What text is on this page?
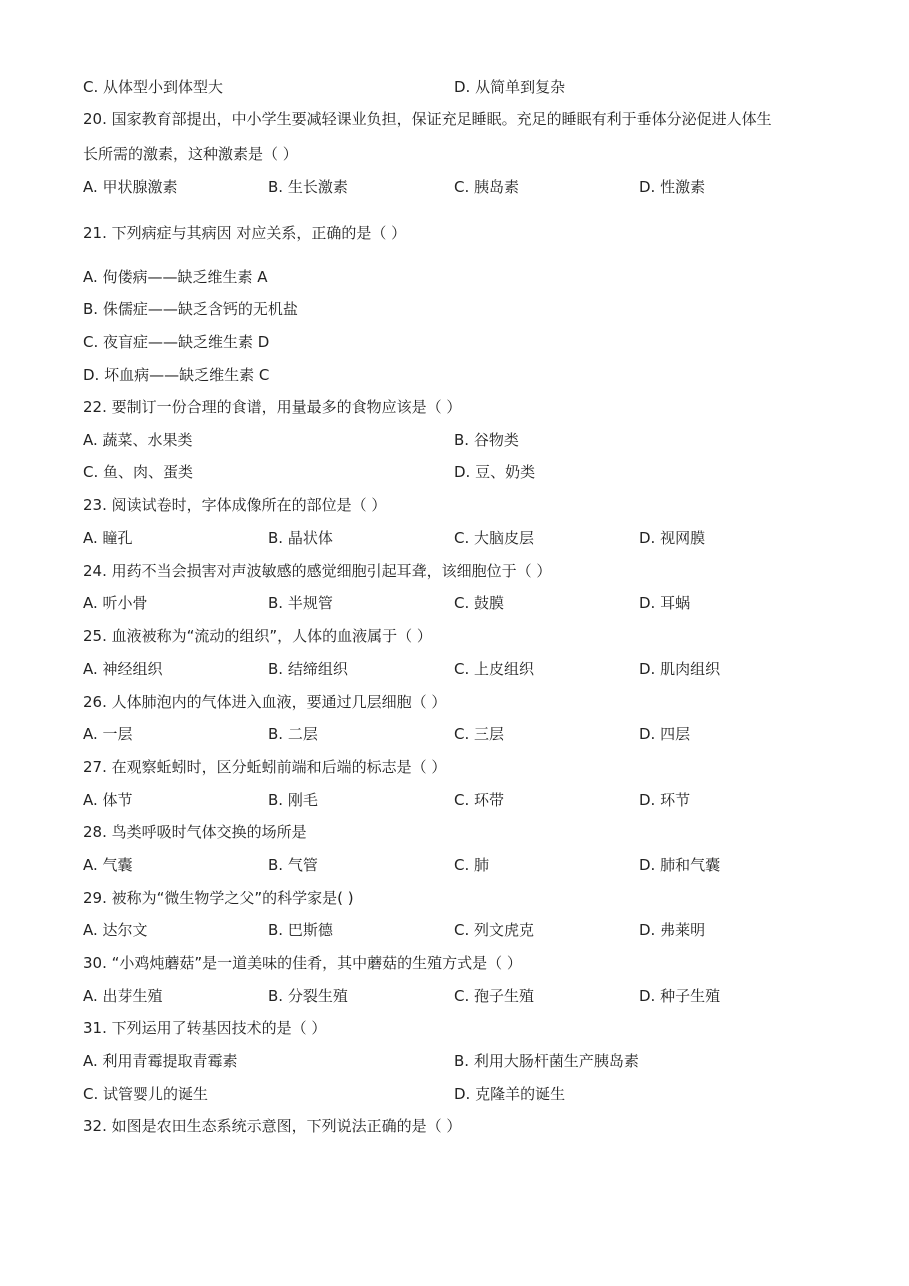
C. 从体型小到体型大	D. 从简单到复杂
20. 国家教育部提出，中小学生要减轻课业负担，保证充足睡眠。充足的睡眠有利于垂体分泌促进人体生
长所需的激素，这种激素是（ ）
A. 甲状腺激素	B. 生长激素	C. 胰岛素	D. 性激素
21. 下列病症与其病因 对应关系，正确的是（ ）
A. 佝偻病——缺乏维生素 A
B. 侏儒症——缺乏含钙的无机盐
C. 夜盲症——缺乏维生素 D
D. 坏血病——缺乏维生素 C
22. 要制订一份合理的食谱，用量最多的食物应该是（ ）
A. 蔬菜、水果类	B. 谷物类
C. 鱼、肉、蛋类	D. 豆、奶类
23. 阅读试卷时，字体成像所在的部位是（ ）
A. 瞳孔	B. 晶状体	C. 大脑皮层	D. 视网膜
24. 用药不当会损害对声波敏感的感觉细胞引起耳聋，该细胞位于（ ）
A. 听小骨	B. 半规管	C. 鼓膜	D. 耳蜗
25. 血液被称为“流动的组织”，人体的血液属于（ ）
A. 神经组织	B. 结缔组织	C. 上皮组织	D. 肌肉组织
26. 人体肺泡内的气体进入血液，要通过几层细胞（ ）
A. 一层	B. 二层	C. 三层	D. 四层
27. 在观察蚯蚓时，区分蚯蚓前端和后端的标志是（ ）
A. 体节	B. 刚毛	C. 环带	D. 环节
28. 鸟类呼吸时气体交换的场所是
A. 气囊	B. 气管	C. 肺	D. 肺和气囊
29. 被称为“微生物学之父”的科学家是( )
A. 达尔文	B. 巴斯德	C. 列文虎克	D. 弗莱明
30. “小鸡炖蘑菇”是一道美味的佳肴，其中蘑菇的生殖方式是（ ）
A. 出芽生殖	B. 分裂生殖	C. 孢子生殖	D. 种子生殖
31. 下列运用了转基因技术的是（ ）
A. 利用青霉提取青霉素	B. 利用大肠杆菌生产胰岛素
C. 试管婴儿的诞生	D. 克隆羊的诞生
32. 如图是农田生态系统示意图，下列说法正确的是（ ）
